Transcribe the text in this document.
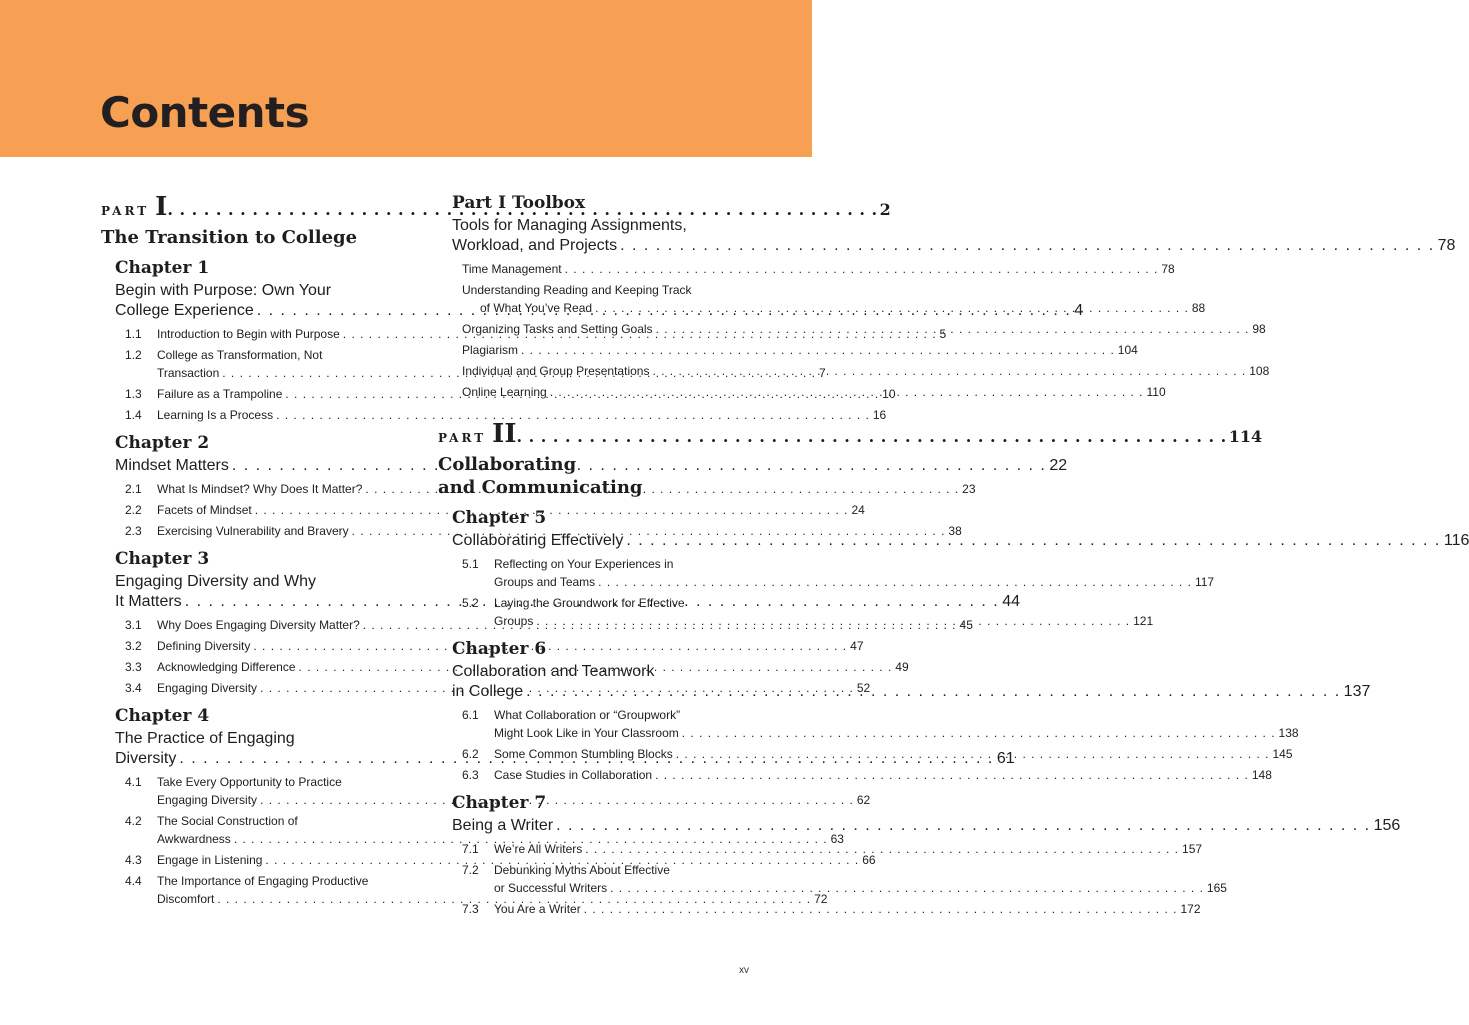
Contents
PART I . . .	2
The Transition to College
Chapter 1
Begin with Purpose: Own Your
College Experience . . .	4
1.1	Introduction to Begin with Purpose . . .	5
1.2	College as Transformation, Not
Transaction . . .	7
1.3	Failure as a Trampoline . . .	10
1.4	Learning Is a Process . . .	16
Chapter 2
Mindset Matters . . .	22
2.1	What Is Mindset? Why Does It Matter? . . .	23
2.2	Facets of Mindset . . .	24
2.3	Exercising Vulnerability and Bravery . . .	38
Chapter 3
Engaging Diversity and Why
It Matters . . .	44
3.1	Why Does Engaging Diversity Matter? . . .	45
3.2	Defining Diversity . . .	47
3.3	Acknowledging Difference . . .	49
3.4	Engaging Diversity . . .	52
Chapter 4
The Practice of Engaging
Diversity . . .	61
4.1	Take Every Opportunity to Practice
Engaging Diversity . . .	62
4.2	The Social Construction of
Awkwardness . . .	63
4.3	Engage in Listening . . .	66
4.4	The Importance of Engaging Productive
Discomfort . . .	72
Part I Toolbox
Tools for Managing Assignments,
Workload, and Projects . . .	78
Time Management . . .	78
Understanding Reading and Keeping Track
of What You’ve Read . . .	88
Organizing Tasks and Setting Goals . . .	98
Plagiarism . . .	104
Individual and Group Presentations . . .	108
Online Learning . . .	110
PART II . . .	114
Collaborating
and Communicating
Chapter 5
Collaborating Effectively . . .	116
5.1	Reflecting on Your Experiences in
Groups and Teams . . .	117
5.2	Laying the Groundwork for Effective
Groups . . .	121
Chapter 6
Collaboration and Teamwork
in College . . .	137
6.1	What Collaboration or “Groupwork”
Might Look Like in Your Classroom . . .	138
6.2	Some Common Stumbling Blocks . . .	145
6.3	Case Studies in Collaboration . . .	148
Chapter 7
Being a Writer . . .	156
7.1	We’re All Writers . . .	157
7.2	Debunking Myths About Effective
or Successful Writers . . .	165
7.3	You Are a Writer . . .	172
xv
